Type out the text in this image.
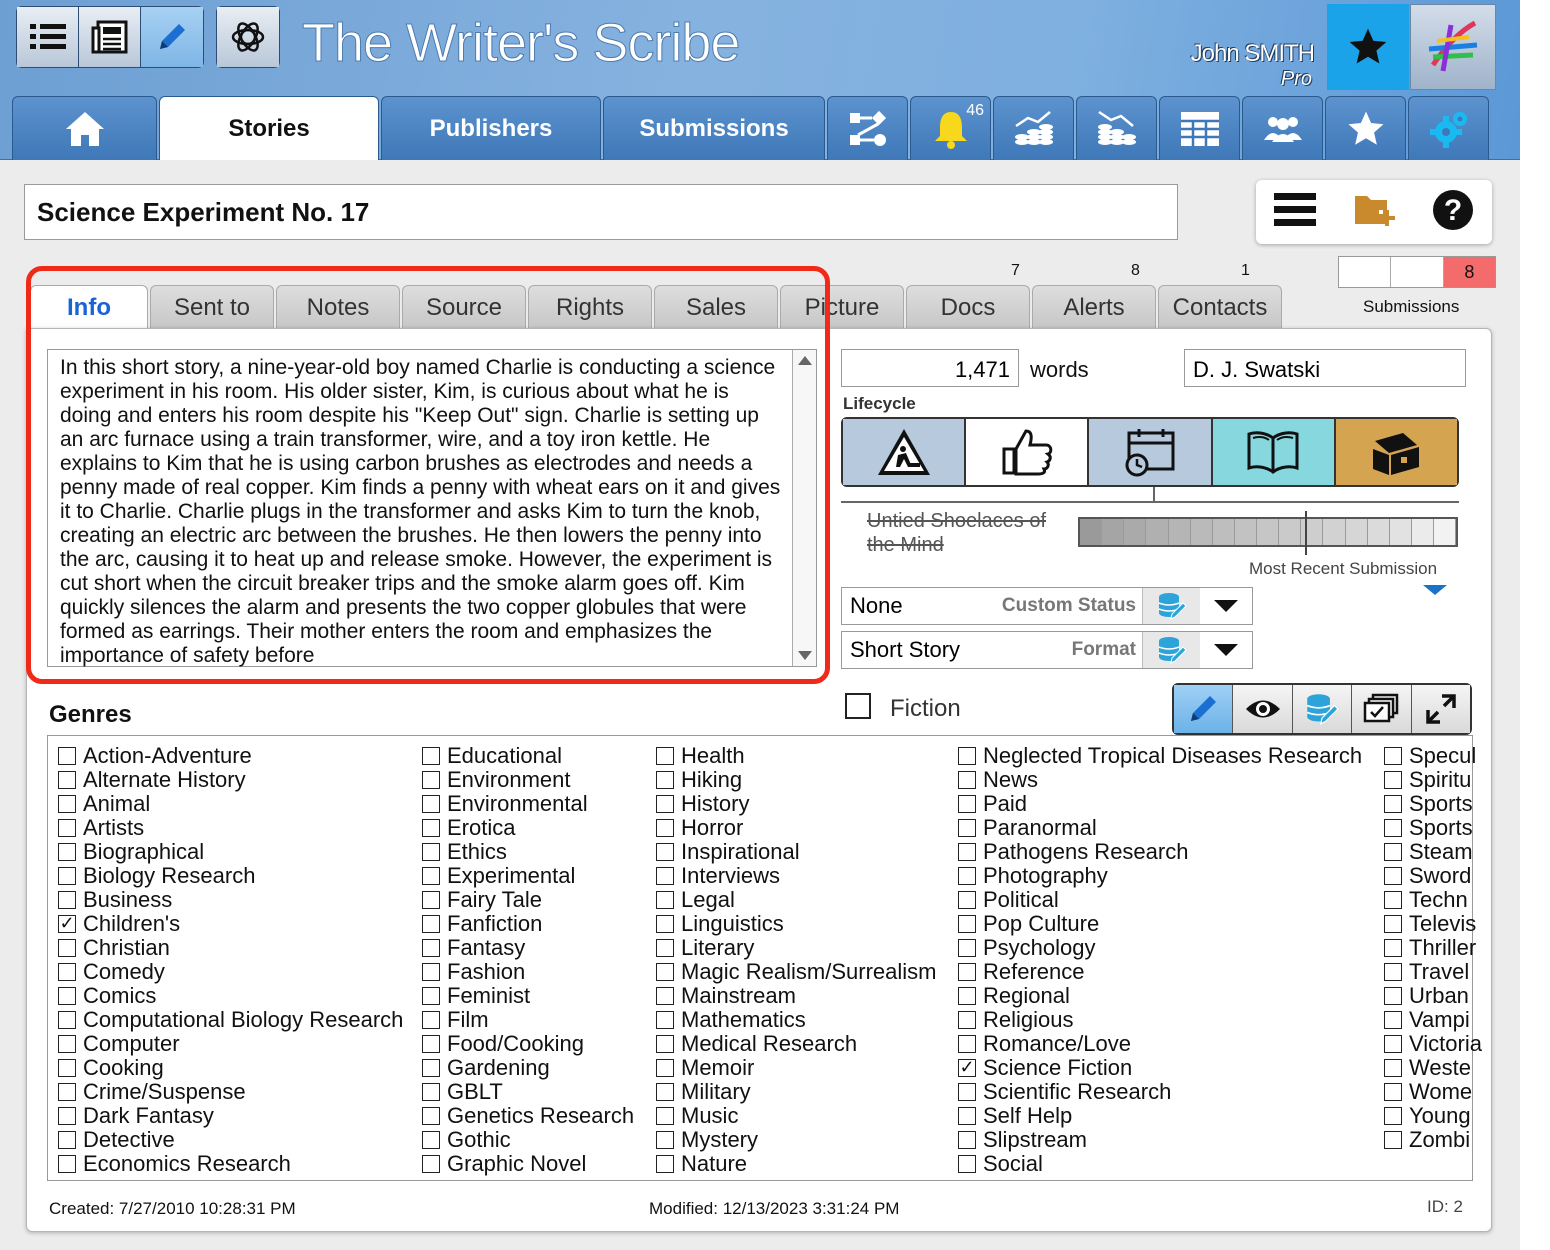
The Writer's Scribe	John SMITH
Pro
Stories	Publishers	Submissions
46
Science Experiment No. 17	?
7	8	1	8
Submissions
Info	Sent to	Notes	Source	Rights	Sales	Picture	Docs	Alerts	Contacts
In this short story, a nine-year-old boy named Charlie is conducting a science experiment in his room. His older sister, Kim, is curious about what he is doing and enters his room despite his "Keep Out" sign. Charlie is setting up an arc furnace using a train transformer, wire, and a toy iron kettle. He explains to Kim that he is using carbon brushes as electrodes and needs a penny made of real copper. Kim finds a penny with wheat ears on it and gives it to Charlie. Charlie plugs in the transformer and asks Kim to turn the knob, creating an electric arc between the brushes. He then lowers the penny into the arc, causing it to heat up and release smoke. However, the experiment is cut short when the circuit breaker trips and the smoke alarm goes off. Kim quickly silences the alarm and presents the two copper globules that were formed as earrings. Their mother enters the room and emphasizes the importance of safety before
1,471 words	D. J. Swatski
Lifecycle
Untied Shoelaces of the Mind
Most Recent Submission
None	Custom Status
Short Story	Format
Fiction
Genres
Action-Adventure
Alternate History
Animal
Artists
Biographical
Biology Research
Business
✓ Children's
Christian
Comedy
Comics
Computational Biology Research
Computer
Cooking
Crime/Suspense
Dark Fantasy
Detective
Economics Research
Educational
Environment
Environmental
Erotica
Ethics
Experimental
Fairy Tale
Fanfiction
Fantasy
Fashion
Feminist
Film
Food/Cooking
Gardening
GBLT
Genetics Research
Gothic
Graphic Novel
Health
Hiking
History
Horror
Inspirational
Interviews
Legal
Linguistics
Literary
Magic Realism/Surrealism
Mainstream
Mathematics
Medical Research
Memoir
Military
Music
Mystery
Nature
Neglected Tropical Diseases Research
News
Paid
Paranormal
Pathogens Research
Photography
Political
Pop Culture
Psychology
Reference
Regional
Religious
Romance/Love
✓ Science Fiction
Scientific Research
Self Help
Slipstream
Social
Specul
Spiritu
Sports
Sports
Steam
Sword
Techn
Televis
Thriller
Travel
Urban
Vampi
Victoria
Weste
Wome
Young
Zombi
Created: 7/27/2010 10:28:31 PM	Modified: 12/13/2023 3:31:24 PM	ID: 2
